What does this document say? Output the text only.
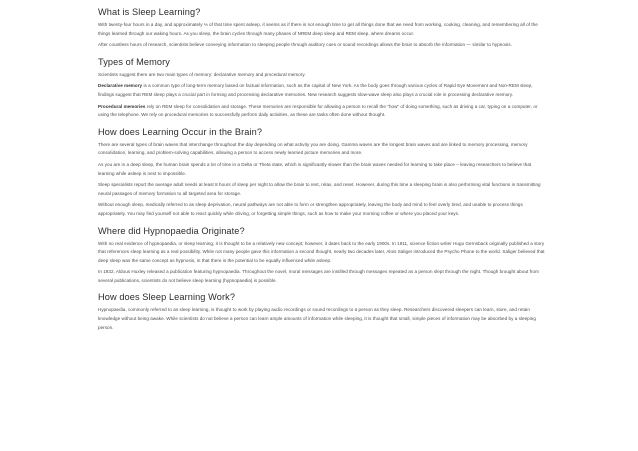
What is Sleep Learning?

With twenty-four hours in a day, and approximately ⅓ of that time spent asleep, it seems as if there is not enough time to get all things done that we need from working, cooking, cleaning, and remembering all of the things learned through our waking hours. As you sleep, the brain cycles through many phases of NREM deep sleep and REM sleep, where dreams occur.

After countless hours of research, scientists believe conveying information to sleeping people through auditory cues or sound recordings allows the brain to absorb the information — similar to hypnosis.

Types of Memory

Scientists suggest there are two main types of memory: declarative memory and procedural memory.

Declarative memory is a common type of long-term memory based on factual information, such as the capital of New York. As the body goes through various cycles of Rapid Eye Movement and Non-REM sleep, findings suggest that REM sleep plays a crucial part in forming and processing declarative memories. New research suggests slow-wave sleep also plays a crucial role in processing declarative memory.

Procedural memories rely on REM sleep for consolidation and storage. These memories are responsible for allowing a person to recall the "how" of doing something, such as driving a car, typing on a computer, or using the telephone. We rely on procedural memories to successfully perform daily activities, as these are tasks often done without thought.

How does Learning Occur in the Brain?

There are several types of brain waves that interchange throughout the day depending on what activity you are doing. Gamma waves are the longest brain waves and are linked to memory processing, memory consolidation, learning, and problem-solving capabilities, allowing a person to access newly learned picture memories and more.

As you are in a deep sleep, the human brain spends a lot of time in a Delta or Theta state, which is significantly slower than the brain waves needed for learning to take place – leaving researchers to believe that learning while asleep is next to impossible.

Sleep specialists report the average adult needs at least 8 hours of sleep per night to allow the brain to rest, relax, and reset. However, during this time a sleeping brain is also performing vital functions in transmitting neural passages of memory formation to all targeted area for storage.

Without enough sleep, medically referred to as sleep deprivation, neural pathways are not able to form or strengthen appropriately, leaving the body and mind to feel overly tired, and unable to process things appropriately. You may find yourself not able to react quickly while driving, or forgetting simple things, such as how to make your morning coffee or where you placed your keys.

Where did Hypnopaedia Originate?

With no real evidence of hypnopaedia, or sleep learning, it is thought to be a relatively new concept; however, it dates back to the early 1900s. In 1911, science fiction writer Hugo Gernsback originally published a story that references sleep learning as a real possibility. While not many people gave this information a second thought, nearly two decades later, Alois Saliger introduced the Psycho Phone to the world. Saliger believed that deep sleep was the same concept as hypnosis, in that there is the potential to be equally influenced while asleep.

In 1932, Aldous Huxley released a publication featuring hypnopaedia. Throughout the novel, moral messages are instilled through messages repeated as a person slept through the night. Though brought about from several publications, scientists do not believe sleep learning (hypnopaedia) is possible.

How does Sleep Learning Work?

Hypnopaedia, commonly referred to as sleep learning, is thought to work by playing audio recordings or sound recordings to a person as they sleep. Researchers discovered sleepers can learn, store, and retain knowledge without being awake. While scientists do not believe a person can learn ample amounts of information while sleeping, it is thought that small, simple pieces of information may be absorbed by a sleeping person.
